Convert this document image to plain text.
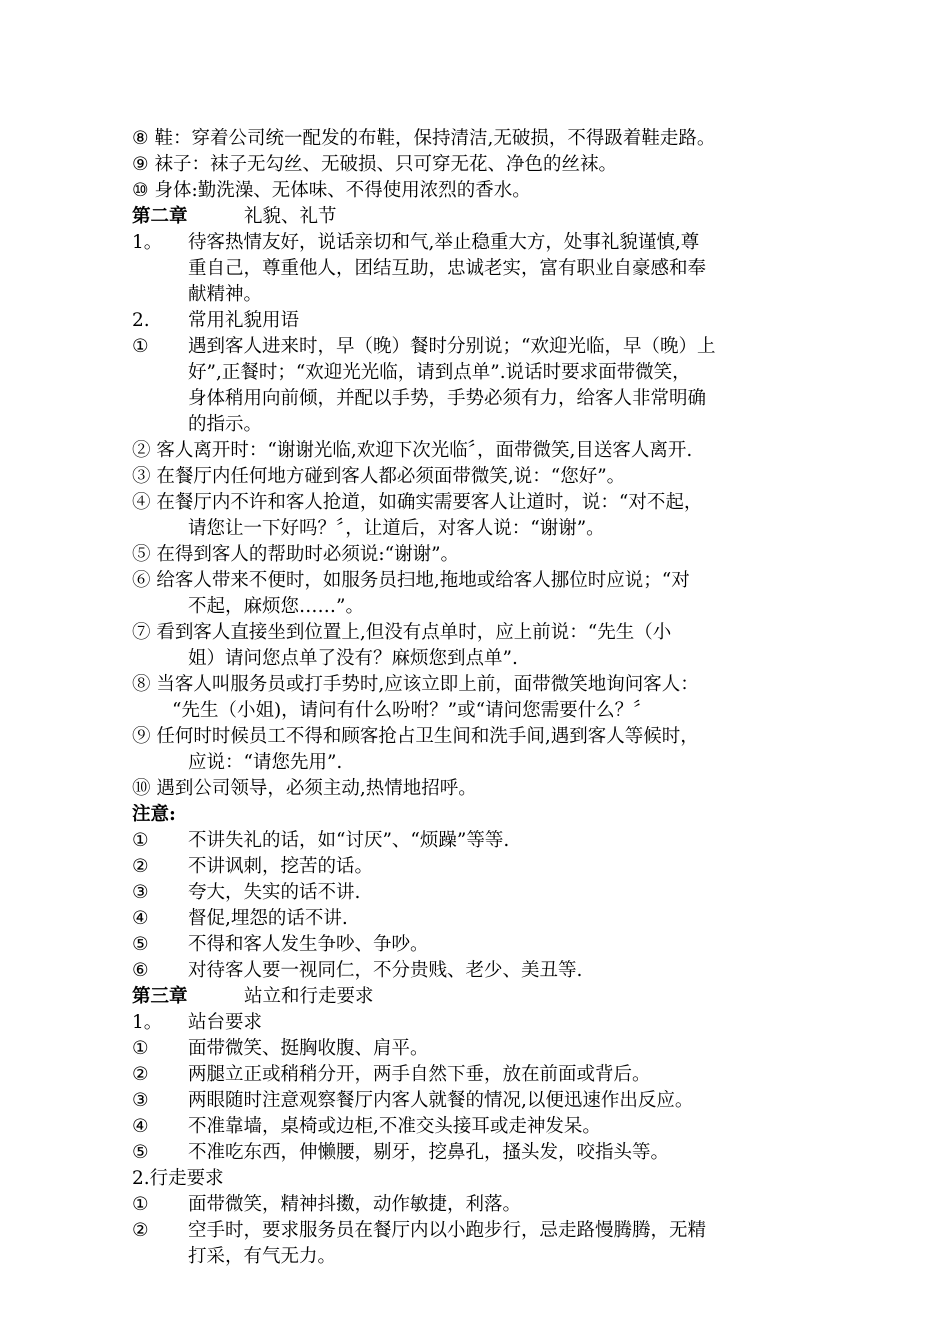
⑧ 鞋：穿着公司统一配发的布鞋，保持清洁,无破损，不得趿着鞋走路。
⑨ 袜子：袜子无勾丝、无破损、只可穿无花、净色的丝袜。
⑩ 身体:勤洗澡、无体味、不得使用浓烈的香水。
第二章	礼貌、礼节
1。 待客热情友好，说话亲切和气,举止稳重大方，处事礼貌谨慎,尊
重自己，尊重他人，团结互助，忠诚老实，富有职业自豪感和奉
献精神。
2. 常用礼貌用语
① 遇到客人进来时，早（晚）餐时分别说；“欢迎光临，早（晚）上
好”,正餐时；“欢迎光光临，请到点单”.说话时要求面带微笑，
身体稍用向前倾，并配以手势，手势必须有力，给客人非常明确
的指示。
② 客人离开时：“谢谢光临,欢迎下次光临〞，面带微笑,目送客人离开.
③ 在餐厅内任何地方碰到客人都必须面带微笑,说：“您好”。
④ 在餐厅内不许和客人抢道，如确实需要客人让道时，说：“对不起，
请您让一下好吗？〞，让道后，对客人说：“谢谢”。
⑤ 在得到客人的帮助时必须说:“谢谢”。
⑥ 给客人带来不便时，如服务员扫地,拖地或给客人挪位时应说；“对
不起，麻烦您……”。
⑦ 看到客人直接坐到位置上,但没有点单时，应上前说：“先生（小
姐）请问您点单了没有？麻烦您到点单”.
⑧ 当客人叫服务员或打手势时,应该立即上前，面带微笑地询问客人：
“先生（小姐)，请问有什么吩咐？”或“请问您需要什么？〞
⑨ 任何时时候员工不得和顾客抢占卫生间和洗手间,遇到客人等候时，
应说：“请您先用”.
⑩ 遇到公司领导，必须主动,热情地招呼。
注意:
① 不讲失礼的话，如“讨厌”、“烦躁”等等.
② 不讲讽刺，挖苦的话。
③ 夸大，失实的话不讲.
④ 督促,埋怨的话不讲.
⑤ 不得和客人发生争吵、争吵。
⑥ 对待客人要一视同仁，不分贵贱、老少、美丑等.
第三章	站立和行走要求
1。 站台要求
① 面带微笑、挺胸收腹、肩平。
② 两腿立正或稍稍分开，两手自然下垂，放在前面或背后。
③ 两眼随时注意观察餐厅内客人就餐的情况,以便迅速作出反应。
④ 不准靠墙，桌椅或边柜,不准交头接耳或走神发呆。
⑤ 不准吃东西，伸懒腰，剔牙，挖鼻孔，搔头发，咬指头等。
2.行走要求
① 面带微笑，精神抖擞，动作敏捷，利落。
② 空手时，要求服务员在餐厅内以小跑步行，忌走路慢腾腾，无精
打采，有气无力。
